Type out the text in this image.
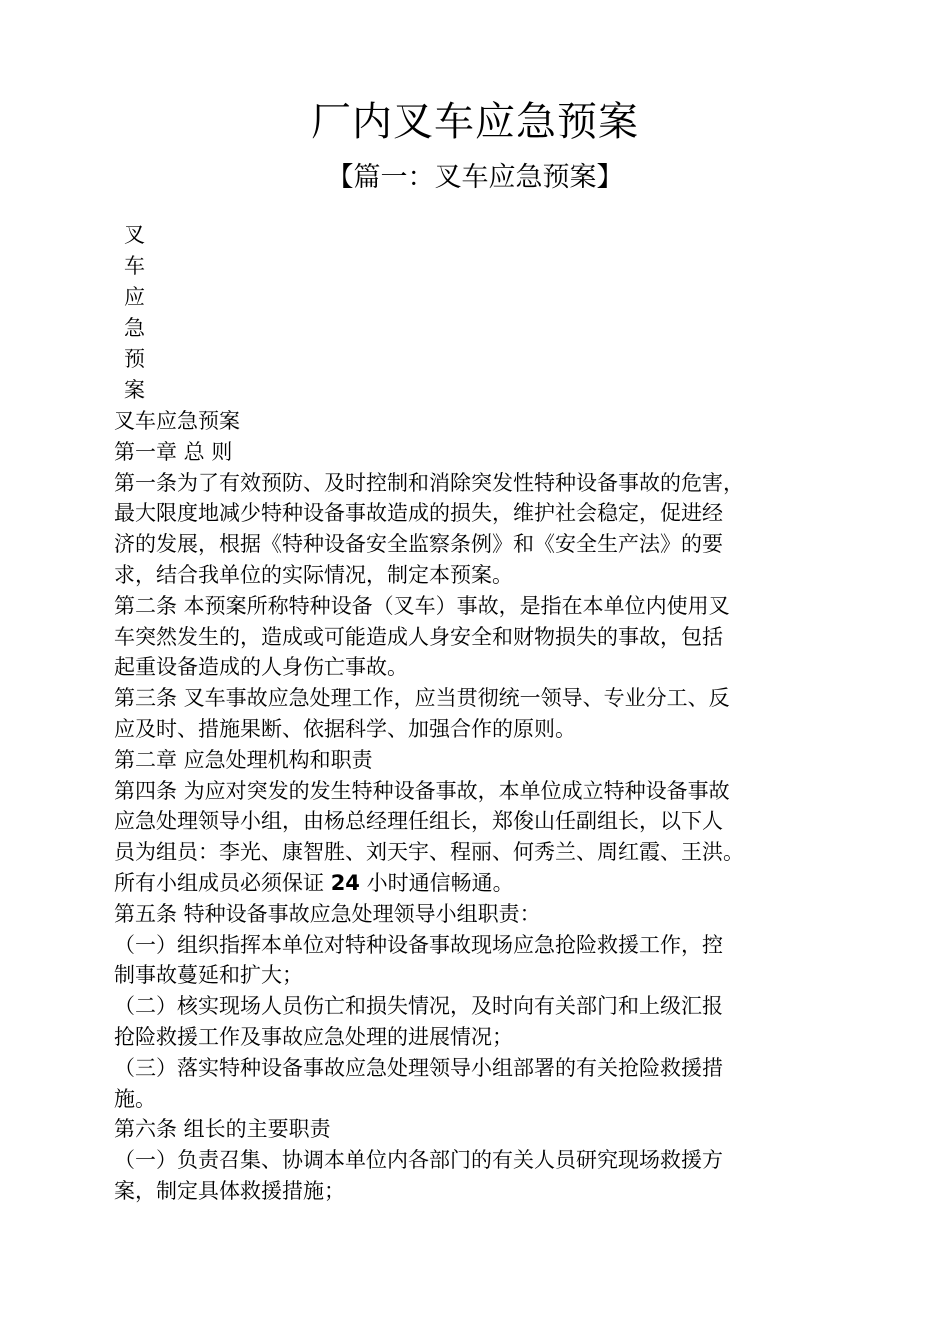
厂内叉车应急预案
【篇一：叉车应急预案】
叉
车
应
急
预
案
叉车应急预案
第一章 总 则
第一条为了有效预防、及时控制和消除突发性特种设备事故的危害，
最大限度地减少特种设备事故造成的损失，维护社会稳定，促进经
济的发展，根据《特种设备安全监察条例》和《安全生产法》的要
求，结合我单位的实际情况，制定本预案。
第二条 本预案所称特种设备（叉车）事故，是指在本单位内使用叉
车突然发生的，造成或可能造成人身安全和财物损失的事故，包括
起重设备造成的人身伤亡事故。
第三条 叉车事故应急处理工作，应当贯彻统一领导、专业分工、反
应及时、措施果断、依据科学、加强合作的原则。
第二章 应急处理机构和职责
第四条 为应对突发的发生特种设备事故，本单位成立特种设备事故
应急处理领导小组，由杨总经理任组长，郑俊山任副组长，以下人
员为组员：李光、康智胜、刘天宇、程丽、何秀兰、周红霞、王洪。
所有小组成员必须保证 24 小时通信畅通。
第五条 特种设备事故应急处理领导小组职责：
（一）组织指挥本单位对特种设备事故现场应急抢险救援工作，控
制事故蔓延和扩大；
（二）核实现场人员伤亡和损失情况，及时向有关部门和上级汇报
抢险救援工作及事故应急处理的进展情况；
（三）落实特种设备事故应急处理领导小组部署的有关抢险救援措
施。
第六条 组长的主要职责
（一）负责召集、协调本单位内各部门的有关人员研究现场救援方
案，制定具体救援措施；
